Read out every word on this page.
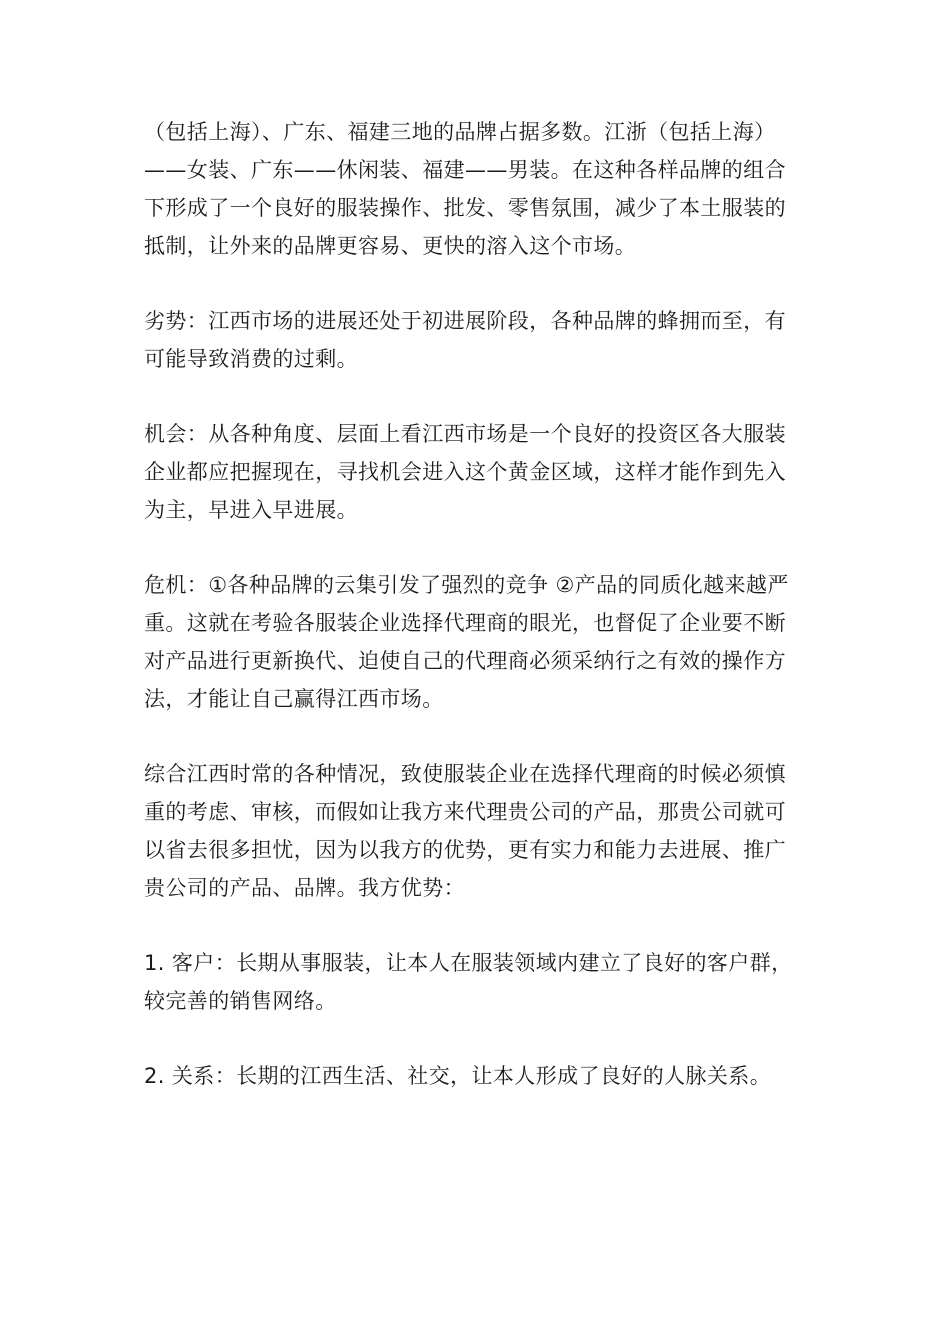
（包括上海）、广东、福建三地的品牌占据多数。江浙（包括上海）
——女装、广东——休闲装、福建——男装。在这种各样品牌的组合
下形成了一个良好的服装操作、批发、零售氛围，减少了本土服装的
抵制，让外来的品牌更容易、更快的溶入这个市场。

劣势：江西市场的进展还处于初进展阶段，各种品牌的蜂拥而至，有
可能导致消费的过剩。

机会：从各种角度、层面上看江西市场是一个良好的投资区各大服装
企业都应把握现在，寻找机会进入这个黄金区域，这样才能作到先入
为主，早进入早进展。

危机：①各种品牌的云集引发了强烈的竞争 ②产品的同质化越来越严
重。这就在考验各服装企业选择代理商的眼光，也督促了企业要不断
对产品进行更新换代、迫使自己的代理商必须采纳行之有效的操作方
法，才能让自己赢得江西市场。

综合江西时常的各种情况，致使服装企业在选择代理商的时候必须慎
重的考虑、审核，而假如让我方来代理贵公司的产品，那贵公司就可
以省去很多担忧，因为以我方的优势，更有实力和能力去进展、推广
贵公司的产品、品牌。我方优势：

1. 客户：长期从事服装，让本人在服装领域内建立了良好的客户群，
较完善的销售网络。

2. 关系：长期的江西生活、社交，让本人形成了良好的人脉关系。
